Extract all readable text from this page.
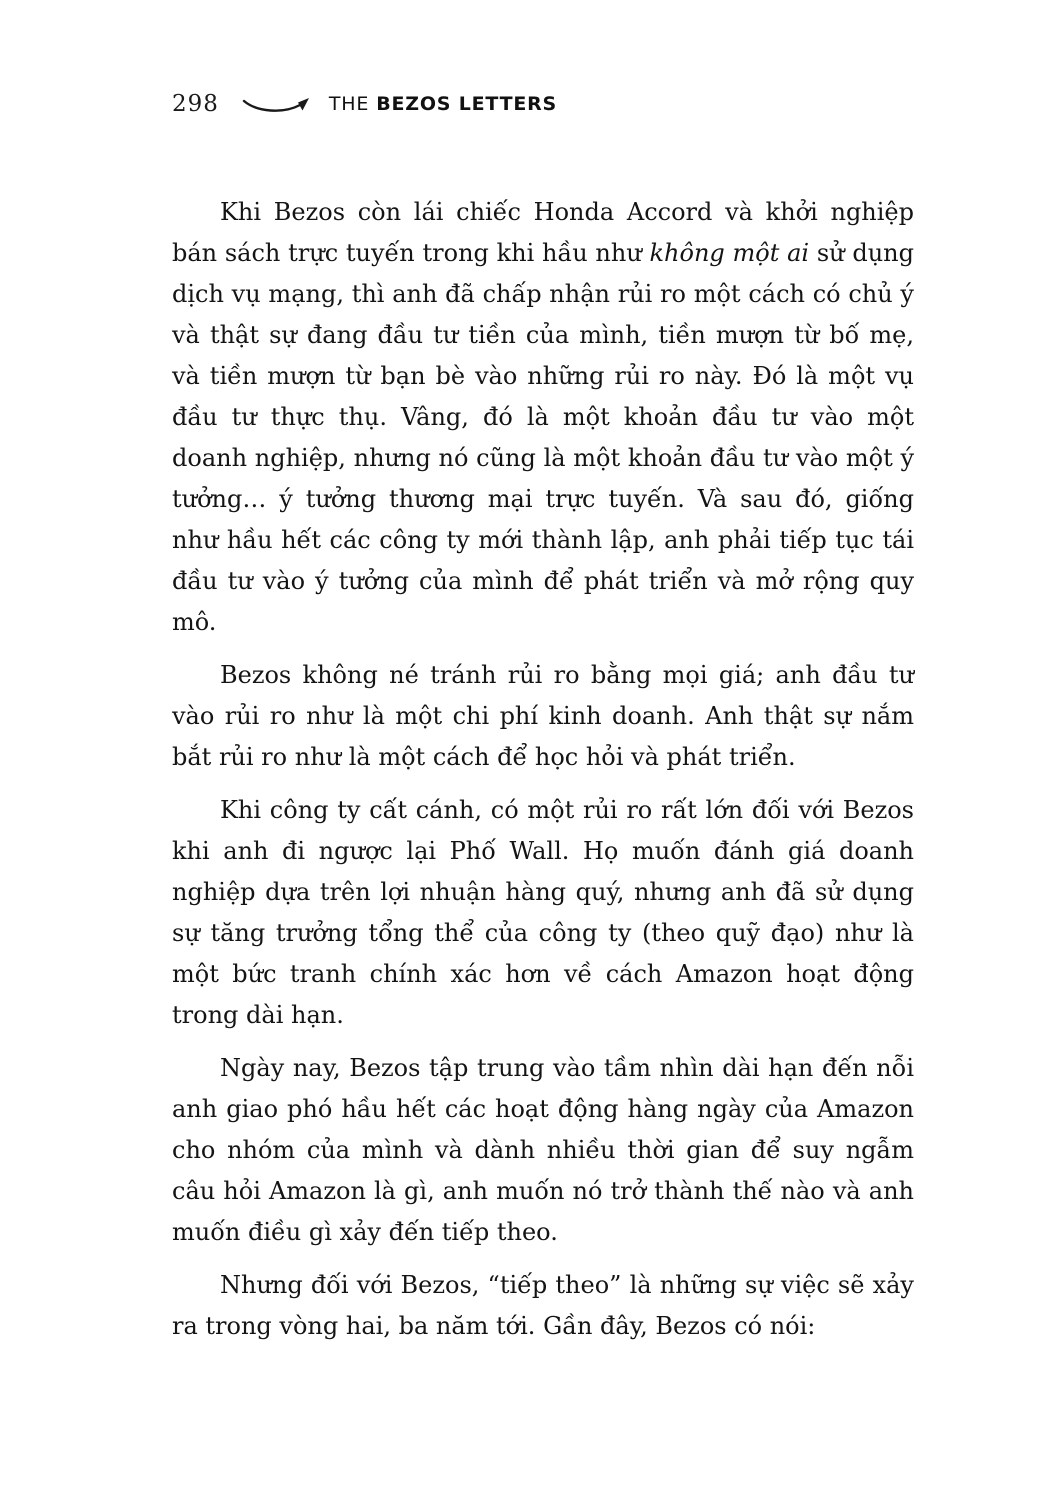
298	THE BEZOS LETTERS

Khi Bezos còn lái chiếc Honda Accord và khởi nghiệp bán sách trực tuyến trong khi hầu như không một ai sử dụng dịch vụ mạng, thì anh đã chấp nhận rủi ro một cách có chủ ý và thật sự đang đầu tư tiền của mình, tiền mượn từ bố mẹ, và tiền mượn từ bạn bè vào những rủi ro này. Đó là một vụ đầu tư thực thụ. Vâng, đó là một khoản đầu tư vào một doanh nghiệp, nhưng nó cũng là một khoản đầu tư vào một ý tưởng… ý tưởng thương mại trực tuyến. Và sau đó, giống như hầu hết các công ty mới thành lập, anh phải tiếp tục tái đầu tư vào ý tưởng của mình để phát triển và mở rộng quy mô.

Bezos không né tránh rủi ro bằng mọi giá; anh đầu tư vào rủi ro như là một chi phí kinh doanh. Anh thật sự nắm bắt rủi ro như là một cách để học hỏi và phát triển.

Khi công ty cất cánh, có một rủi ro rất lớn đối với Bezos khi anh đi ngược lại Phố Wall. Họ muốn đánh giá doanh nghiệp dựa trên lợi nhuận hàng quý, nhưng anh đã sử dụng sự tăng trưởng tổng thể của công ty (theo quỹ đạo) như là một bức tranh chính xác hơn về cách Amazon hoạt động trong dài hạn.

Ngày nay, Bezos tập trung vào tầm nhìn dài hạn đến nỗi anh giao phó hầu hết các hoạt động hàng ngày của Amazon cho nhóm của mình và dành nhiều thời gian để suy ngẫm câu hỏi Amazon là gì, anh muốn nó trở thành thế nào và anh muốn điều gì xảy đến tiếp theo.

Nhưng đối với Bezos, “tiếp theo” là những sự việc sẽ xảy ra trong vòng hai, ba năm tới. Gần đây, Bezos có nói:
